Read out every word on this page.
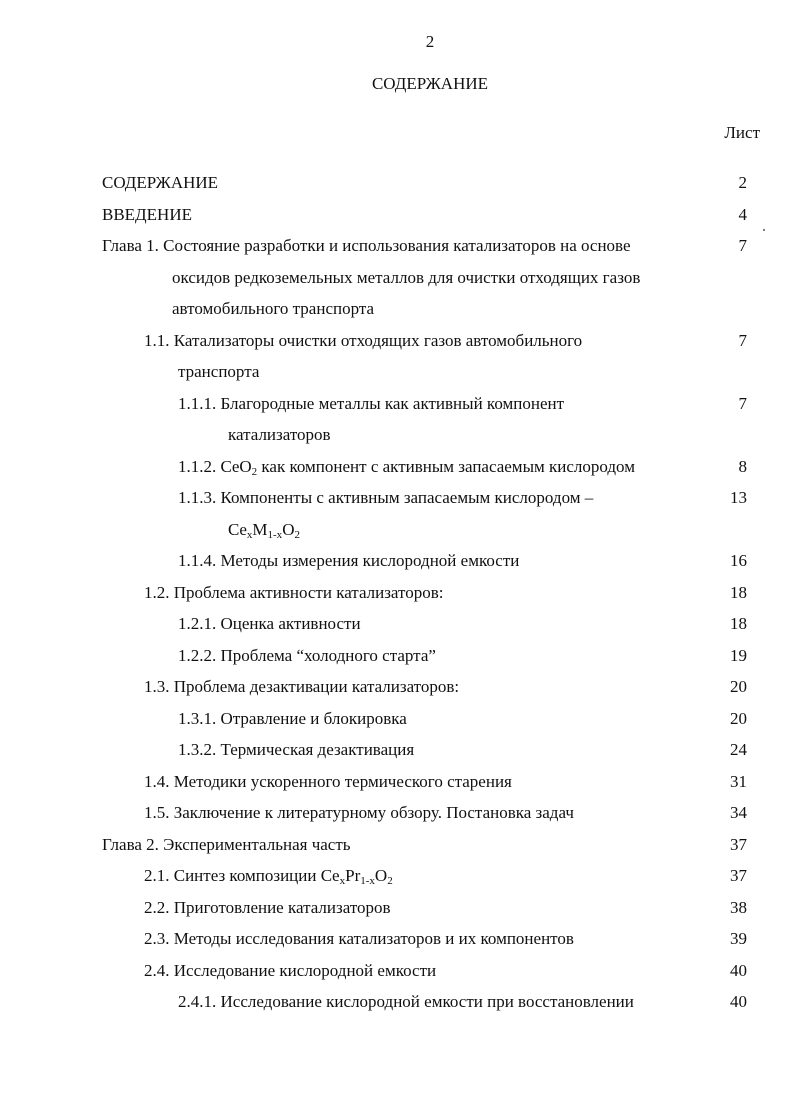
2
СОДЕРЖАНИЕ
Лист
СОДЕРЖАНИЕ	2
ВВЕДЕНИЕ	4
Глава 1. Состояние разработки и использования катализаторов на основе	7
оксидов редкоземельных металлов для очистки отходящих газов
автомобильного транспорта
1.1. Катализаторы очистки отходящих газов автомобильного	7
транспорта
1.1.1. Благородные металлы как активный компонент	7
катализаторов
1.1.2. CeO$_2$ как компонент с активным запасаемым кислородом	8
1.1.3. Компоненты с активным запасаемым кислородом –	13
$Ce_xM_{1-x}O_2$
1.1.4. Методы измерения кислородной емкости	16
1.2. Проблема активности катализаторов:	18
1.2.1. Оценка активности	18
1.2.2. Проблема “холодного старта”	19
1.3. Проблема дезактивации катализаторов:	20
1.3.1. Отравление и блокировка	20
1.3.2. Термическая дезактивация	24
1.4. Методики ускоренного термического старения	31
1.5. Заключение к литературному обзору. Постановка задач	34
Глава 2. Экспериментальная часть	37
2.1. Синтез композиции $Ce_xPr_{1-x}O_2$	37
2.2. Приготовление катализаторов	38
2.3. Методы исследования катализаторов и их компонентов	39
2.4. Исследование кислородной емкости	40
2.4.1. Исследование кислородной емкости при восстановлении	40
